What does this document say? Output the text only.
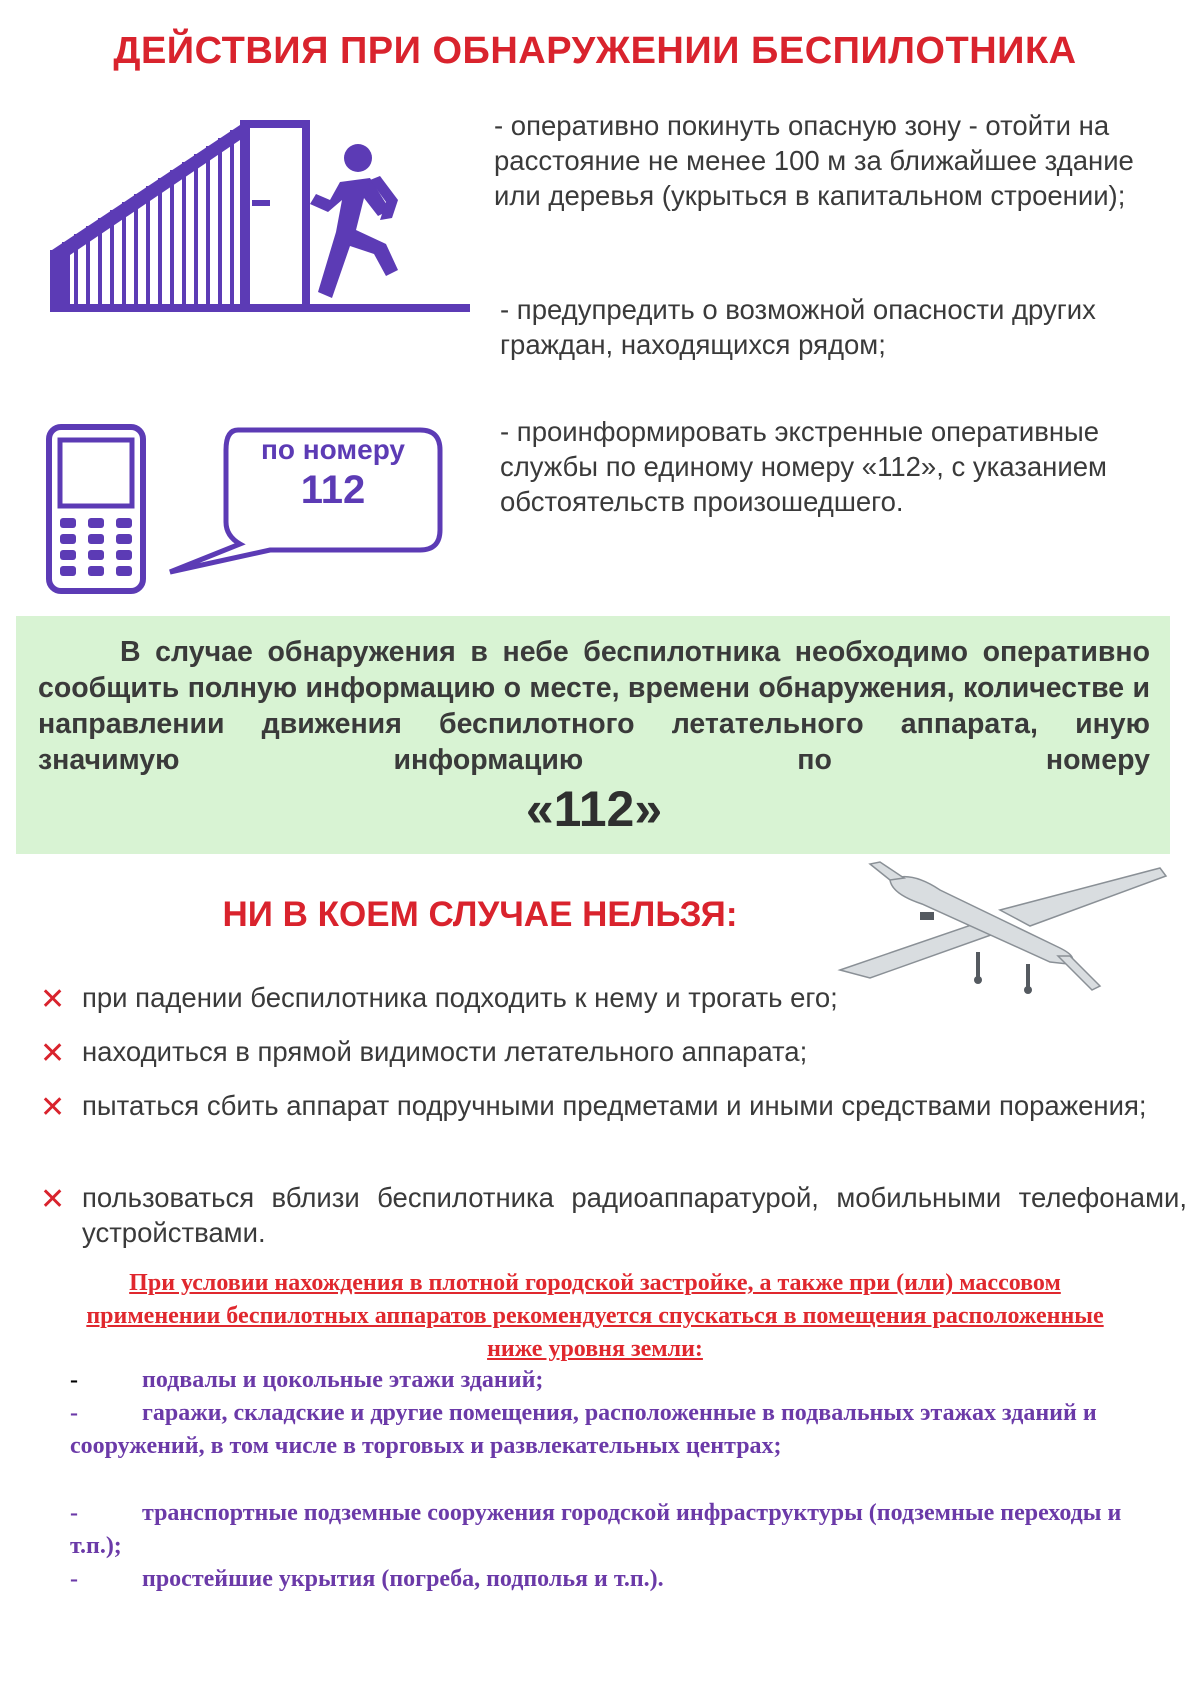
ДЕЙСТВИЯ ПРИ ОБНАРУЖЕНИИ БЕСПИЛОТНИКА
- оперативно покинуть опасную зону - отойти на расстояние не менее 100 м за ближайшее здание или деревья (укрыться в капитальном строении);
- предупредить о возможной опасности других граждан, находящихся рядом;
- проинформировать экстренные оперативные службы по единому номеру «112», с указанием обстоятельств произошедшего.
по номеру
112
В случае обнаружения в небе беспилотника необходимо оперативно сообщить полную информацию о месте, времени обнаружения, количестве и направлении движения беспилотного летательного аппарата, иную значимую информацию по номеру
«112»
НИ В КОЕМ СЛУЧАЕ НЕЛЬЗЯ:
✕ при падении беспилотника подходить к нему и трогать его;
✕ находиться в прямой видимости летательного аппарата;
✕ пытаться сбить аппарат подручными предметами и иными средствами поражения;
✕ пользоваться вблизи беспилотника радиоаппаратурой, мобильными телефонами, устройствами.
При условии нахождения в плотной городской застройке, а также при (или) массовом применении беспилотных аппаратов рекомендуется спускаться в помещения расположенные ниже уровня земли:
-	подвалы и цокольные этажи зданий;
-	гаражи, складские и другие помещения, расположенные в подвальных этажах зданий и сооружений, в том числе в торговых и развлекательных центрах;
-	транспортные подземные сооружения городской инфраструктуры (подземные переходы и т.п.);
-	простейшие укрытия (погреба, подполья и т.п.).
